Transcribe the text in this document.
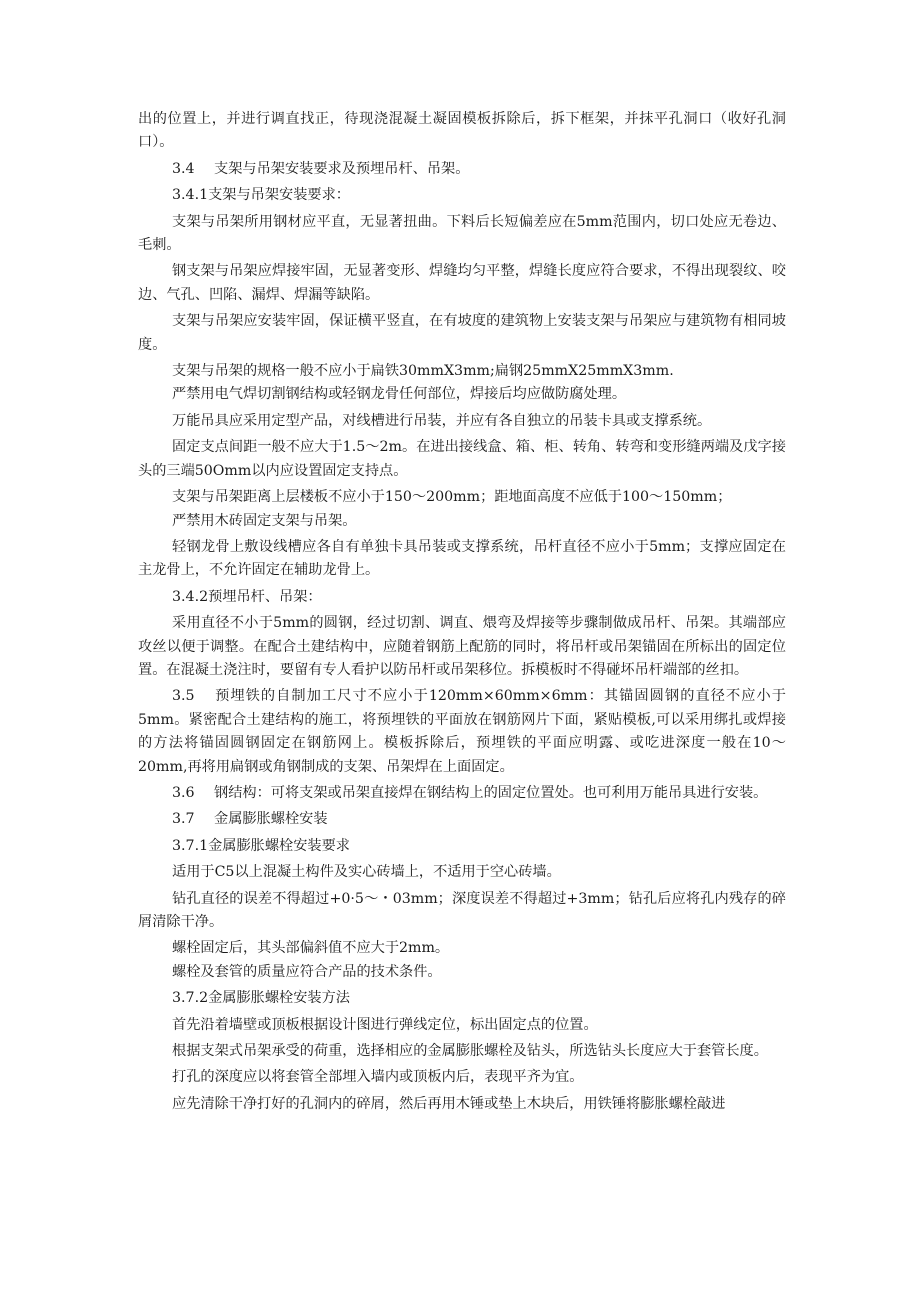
出的位置上，并进行调直找正，待现浇混凝土凝固模板拆除后，拆下框架，并抹平孔洞口（收好孔洞口）。

3.4 支架与吊架安装要求及预埋吊杆、吊架。

3.4.1支架与吊架安装要求：

支架与吊架所用钢材应平直，无显著扭曲。下料后长短偏差应在5mm范围内，切口处应无卷边、毛刺。

钢支架与吊架应焊接牢固，无显著变形、焊缝均匀平整，焊缝长度应符合要求，不得出现裂纹、咬边、气孔、凹陷、漏焊、焊漏等缺陷。

支架与吊架应安装牢固，保证横平竖直，在有坡度的建筑物上安装支架与吊架应与建筑物有相同坡度。

支架与吊架的规格一般不应小于扁铁30mmX3mm;扁钢25mmX25mmX3mm.

严禁用电气焊切割钢结构或轻钢龙骨任何部位，焊接后均应做防腐处理。

万能吊具应采用定型产品，对线槽进行吊装，并应有各自独立的吊装卡具或支撑系统。

固定支点间距一般不应大于1.5～2m。在进出接线盒、箱、柜、转角、转弯和变形缝两端及戊字接头的三端50Omm以内应设置固定支持点。

支架与吊架距离上层楼板不应小于150～200mm；距地面高度不应低于100～150mm；

严禁用木砖固定支架与吊架。

轻钢龙骨上敷设线槽应各自有单独卡具吊装或支撑系统，吊杆直径不应小于5mm；支撑应固定在主龙骨上，不允许固定在辅助龙骨上。

3.4.2预埋吊杆、吊架：

采用直径不小于5mm的圆钢，经过切割、调直、煨弯及焊接等步骤制做成吊杆、吊架。其端部应攻丝以便于调整。在配合土建结构中，应随着钢筋上配筋的同时，将吊杆或吊架锚固在所标出的固定位置。在混凝土浇注时，要留有专人看护以防吊杆或吊架移位。拆模板时不得碰坏吊杆端部的丝扣。

3.5 预埋铁的自制加工尺寸不应小于120mm×60mm×6mm：其锚固圆钢的直径不应小于5mm。紧密配合土建结构的施工，将预埋铁的平面放在钢筋网片下面，紧贴模板,可以采用绑扎或焊接的方法将锚固圆钢固定在钢筋网上。模板拆除后，预埋铁的平面应明露、或吃进深度一般在10～20mm,再将用扁钢或角钢制成的支架、吊架焊在上面固定。

3.6 钢结构：可将支架或吊架直接焊在钢结构上的固定位置处。也可利用万能吊具进行安装。

3.7 金属膨胀螺栓安装

3.7.1金属膨胀螺栓安装要求

适用于C5以上混凝土构件及实心砖墙上，不适用于空心砖墙。

钻孔直径的误差不得超过+0·5～・03mm；深度误差不得超过+3mm；钻孔后应将孔内残存的碎屑清除干净。

螺栓固定后，其头部偏斜值不应大于2mm。

螺栓及套管的质量应符合产品的技术条件。

3.7.2金属膨胀螺栓安装方法

首先沿着墙壁或顶板根据设计图进行弹线定位，标出固定点的位置。

根据支架式吊架承受的荷重，选择相应的金属膨胀螺栓及钻头，所选钻头长度应大于套管长度。

打孔的深度应以将套管全部埋入墙内或顶板内后，表现平齐为宜。

应先清除干净打好的孔洞内的碎屑，然后再用木锤或垫上木块后，用铁锤将膨胀螺栓敲进
